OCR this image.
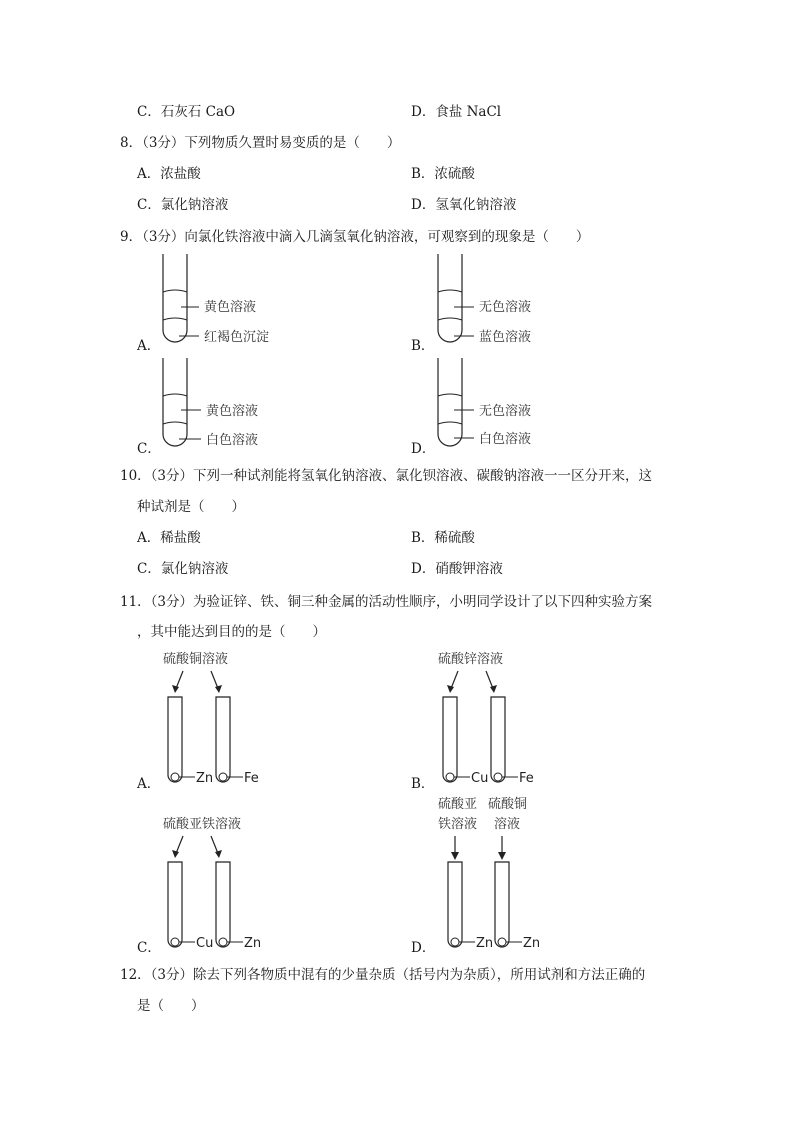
C．石灰石 CaO	D．食盐 NaCl
8．（3分）下列物质久置时易变质的是（　　）
A．浓盐酸	B．浓硫酸
C．氯化钠溶液	D．氢氧化钠溶液
9．（3分）向氯化铁溶液中滴入几滴氢氧化钠溶液，可观察到的现象是（　　）
A．
黄色溶液
红褐色沉淀
B．
无色溶液
蓝色溶液
C．
黄色溶液
白色溶液
D．
无色溶液
白色溶液
10．（3分）下列一种试剂能将氢氧化钠溶液、氯化钡溶液、碳酸钠溶液一一区分开来，这
种试剂是（　　）
A．稀盐酸	B．稀硫酸
C．氯化钠溶液	D．硝酸钾溶液
11．（3分）为验证锌、铁、铜三种金属的活动性顺序，小明同学设计了以下四种实验方案
，其中能达到目的的是（　　）
A．
硫酸铜溶液
Zn Fe	B．
硫酸锌溶液
Cu Fe
C．
硫酸亚铁溶液
Cu Zn	D．
硫酸亚
铁溶液
硫酸铜
溶液
Zn Zn
12．（3分）除去下列各物质中混有的少量杂质（括号内为杂质），所用试剂和方法正确的
是（　　）
